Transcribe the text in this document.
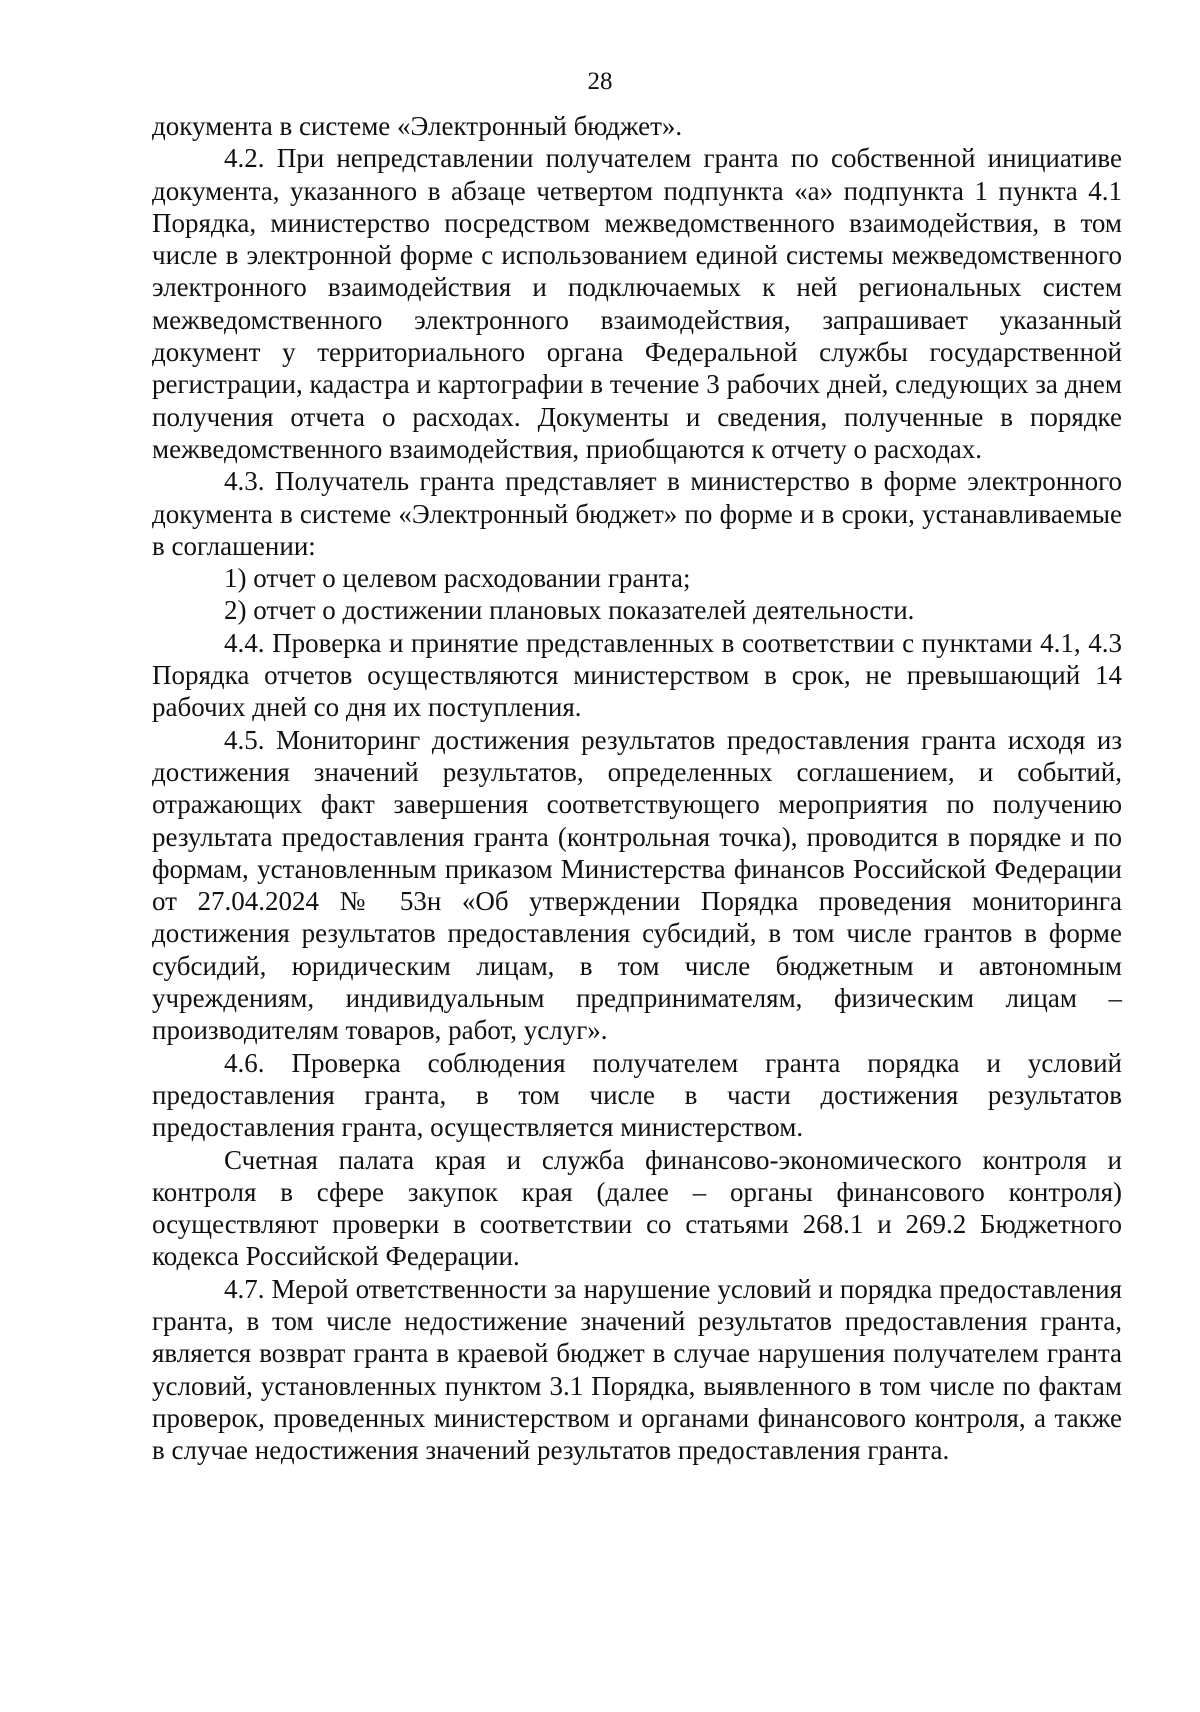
28

документа в системе «Электронный бюджет».

4.2. При непредставлении получателем гранта по собственной инициативе документа, указанного в абзаце четвертом подпункта «а» подпункта 1 пункта 4.1 Порядка, министерство посредством межведомственного взаимодействия, в том числе в электронной форме с использованием единой системы межведомственного электронного взаимодействия и подключаемых к ней региональных систем межведомственного электронного взаимодействия, запрашивает указанный документ у территориального органа Федеральной службы государственной регистрации, кадастра и картографии в течение 3 рабочих дней, следующих за днем получения отчета о расходах. Документы и сведения, полученные в порядке межведомственного взаимодействия, приобщаются к отчету о расходах.

4.3. Получатель гранта представляет в министерство в форме электронного документа в системе «Электронный бюджет» по форме и в сроки, устанавливаемые в соглашении:

1) отчет о целевом расходовании гранта;

2) отчет о достижении плановых показателей деятельности.

4.4. Проверка и принятие представленных в соответствии с пунктами 4.1, 4.3 Порядка отчетов осуществляются министерством в срок, не превышающий 14 рабочих дней со дня их поступления.

4.5. Мониторинг достижения результатов предоставления гранта исходя из достижения значений результатов, определенных соглашением, и событий, отражающих факт завершения соответствующего мероприятия по получению результата предоставления гранта (контрольная точка), проводится в порядке и по формам, установленным приказом Министерства финансов Российской Федерации от 27.04.2024 № 53н «Об утверждении Порядка проведения мониторинга достижения результатов предоставления субсидий, в том числе грантов в форме субсидий, юридическим лицам, в том числе бюджетным и автономным учреждениям, индивидуальным предпринимателям, физическим лицам – производителям товаров, работ, услуг».

4.6. Проверка соблюдения получателем гранта порядка и условий предоставления гранта, в том числе в части достижения результатов предоставления гранта, осуществляется министерством.

Счетная палата края и служба финансово-экономического контроля и контроля в сфере закупок края (далее – органы финансового контроля) осуществляют проверки в соответствии со статьями 268.1 и 269.2 Бюджетного кодекса Российской Федерации.

4.7. Мерой ответственности за нарушение условий и порядка предоставления гранта, в том числе недостижение значений результатов предоставления гранта, является возврат гранта в краевой бюджет в случае нарушения получателем гранта условий, установленных пунктом 3.1 Порядка, выявленного в том числе по фактам проверок, проведенных министерством и органами финансового контроля, а также в случае недостижения значений результатов предоставления гранта.
